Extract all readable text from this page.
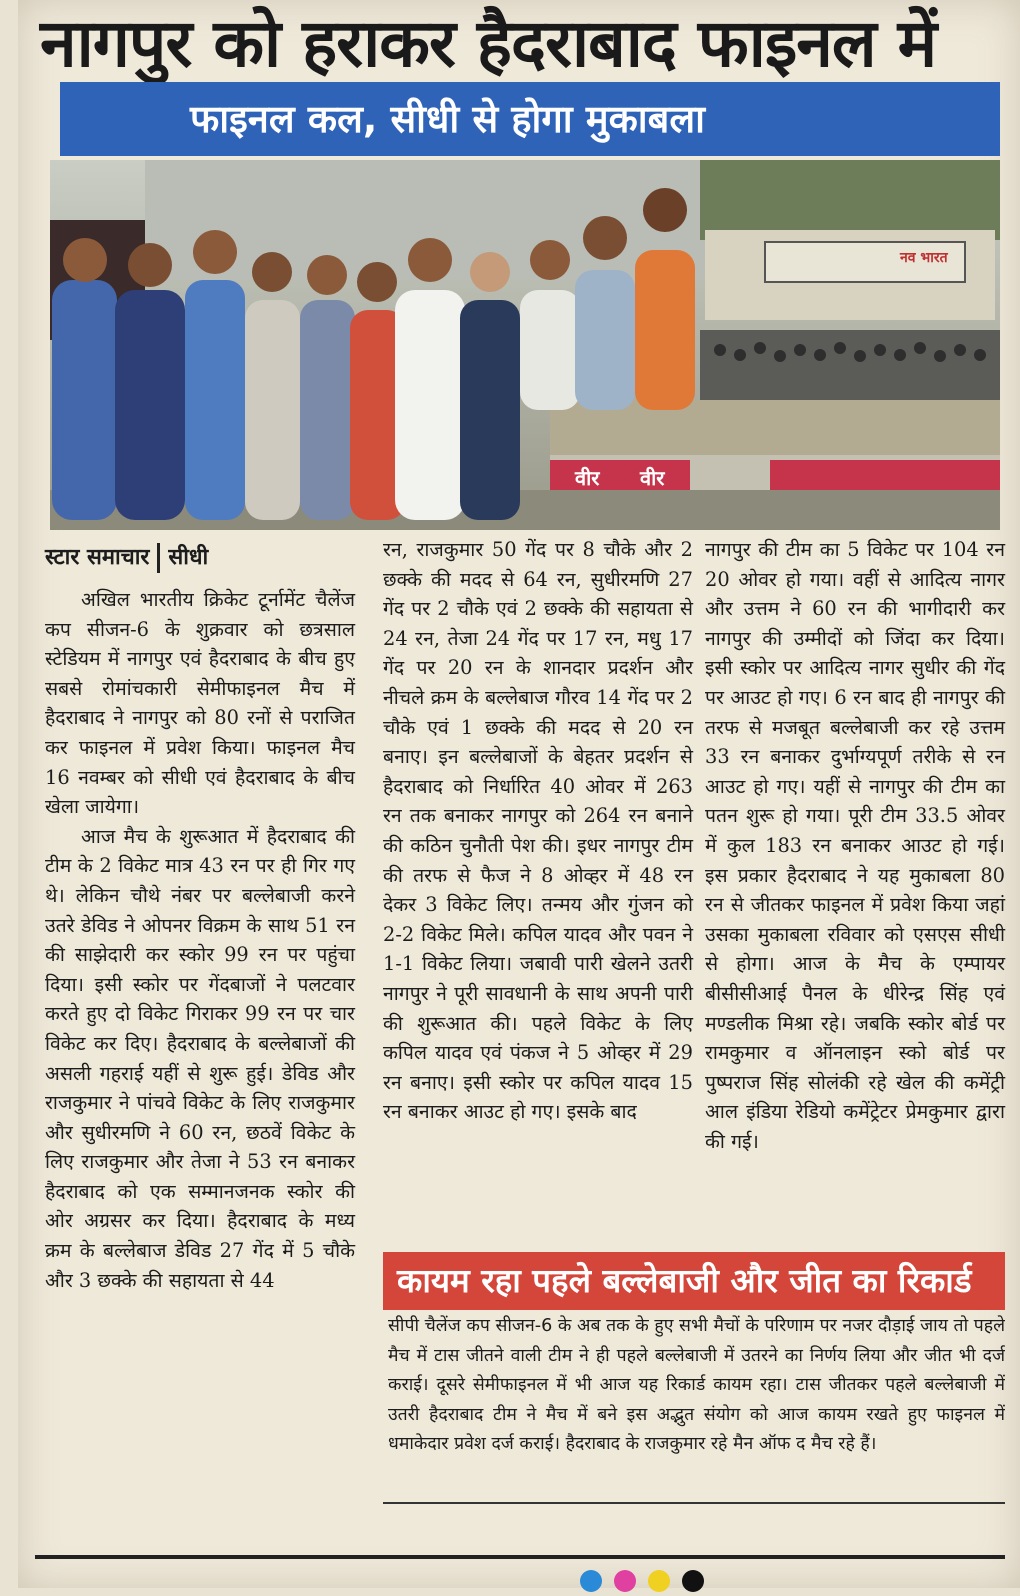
नागपुर को हराकर हैदराबाद फाइनल में
फाइनल कल, सीधी से होगा मुकाबला
नव भारत
वीर वीर
स्टार समाचार सीधी

अखिल भारतीय क्रिकेट टूर्नामेंट चैलेंज कप सीजन-6 के शुक्रवार को छत्रसाल स्टेडियम में नागपुर एवं हैदराबाद के बीच हुए सबसे रोमांचकारी सेमीफाइनल मैच में हैदराबाद ने नागपुर को 80 रनों से पराजित कर फाइनल में प्रवेश किया। फाइनल मैच 16 नवम्बर को सीधी एवं हैदराबाद के बीच खेला जायेगा।

आज मैच के शुरूआत में हैदराबाद की टीम के 2 विकेट मात्र 43 रन पर ही गिर गए थे। लेकिन चौथे नंबर पर बल्लेबाजी करने उतरे डेविड ने ओपनर विक्रम के साथ 51 रन की साझेदारी कर स्कोर 99 रन पर पहुंचा दिया। इसी स्कोर पर गेंदबाजों ने पलटवार करते हुए दो विकेट गिराकर 99 रन पर चार विकेट कर दिए। हैदराबाद के बल्लेबाजों की असली गहराई यहीं से शुरू हुई। डेविड और राजकुमार ने पांचवे विकेट के लिए राजकुमार और सुधीरमणि ने 60 रन, छठवें विकेट के लिए राजकुमार और तेजा ने 53 रन बनाकर हैदराबाद को एक सम्मानजनक स्कोर की ओर अग्रसर कर दिया। हैदराबाद के मध्य क्रम के बल्लेबाज डेविड 27 गेंद में 5 चौके और 3 छक्के की सहायता से 44

रन, राजकुमार 50 गेंद पर 8 चौके और 2 छक्के की मदद से 64 रन, सुधीरमणि 27 गेंद पर 2 चौके एवं 2 छक्के की सहायता से 24 रन, तेजा 24 गेंद पर 17 रन, मधु 17 गेंद पर 20 रन के शानदार प्रदर्शन और नीचले क्रम के बल्लेबाज गौरव 14 गेंद पर 2 चौके एवं 1 छक्के की मदद से 20 रन बनाए। इन बल्लेबाजों के बेहतर प्रदर्शन से हैदराबाद को निर्धारित 40 ओवर में 263 रन तक बनाकर नागपुर को 264 रन बनाने की कठिन चुनौती पेश की। इधर नागपुर टीम की तरफ से फैज ने 8 ओव्हर में 48 रन देकर 3 विकेट लिए। तन्मय और गुंजन को 2-2 विकेट मिले। कपिल यादव और पवन ने 1-1 विकेट लिया। जबावी पारी खेलने उतरी नागपुर ने पूरी सावधानी के साथ अपनी पारी की शुरूआत की। पहले विकेट के लिए कपिल यादव एवं पंकज ने 5 ओव्हर में 29 रन बनाए। इसी स्कोर पर कपिल यादव 15 रन बनाकर आउट हो गए। इसके बाद

नागपुर की टीम का 5 विकेट पर 104 रन 20 ओवर हो गया। वहीं से आदित्य नागर और उत्तम ने 60 रन की भागीदारी कर नागपुर की उम्मीदों को जिंदा कर दिया। इसी स्कोर पर आदित्य नागर सुधीर की गेंद पर आउट हो गए। 6 रन बाद ही नागपुर की तरफ से मजबूत बल्लेबाजी कर रहे उत्तम 33 रन बनाकर दुर्भाग्यपूर्ण तरीके से रन आउट हो गए। यहीं से नागपुर की टीम का पतन शुरू हो गया। पूरी टीम 33.5 ओवर में कुल 183 रन बनाकर आउट हो गई। इस प्रकार हैदराबाद ने यह मुकाबला 80 रन से जीतकर फाइनल में प्रवेश किया जहां उसका मुकाबला रविवार को एसएस सीधी से होगा। आज के मैच के एम्पायर बीसीसीआई पैनल के धीरेन्द्र सिंह एवं मण्डलीक मिश्रा रहे। जबकि स्कोर बोर्ड पर रामकुमार व ऑनलाइन स्को बोर्ड पर पुष्पराज सिंह सोलंकी रहे खेल की कमेंट्री आल इंडिया रेडियो कमेंट्रेटर प्रेमकुमार द्वारा की गई।

कायम रहा पहले बल्लेबाजी और जीत का रिकार्ड
सीपी चैलेंज कप सीजन-6 के अब तक के हुए सभी मैचों के परिणाम पर नजर दौड़ाई जाय तो पहले मैच में टास जीतने वाली टीम ने ही पहले बल्लेबाजी में उतरने का निर्णय लिया और जीत भी दर्ज कराई। दूसरे सेमीफाइनल में भी आज यह रिकार्ड कायम रहा। टास जीतकर पहले बल्लेबाजी में उतरी हैदराबाद टीम ने मैच में बने इस अद्भुत संयोग को आज कायम रखते हुए फाइनल में धमाकेदार प्रवेश दर्ज कराई। हैदराबाद के राजकुमार रहे मैन ऑफ द मैच रहे हैं।
